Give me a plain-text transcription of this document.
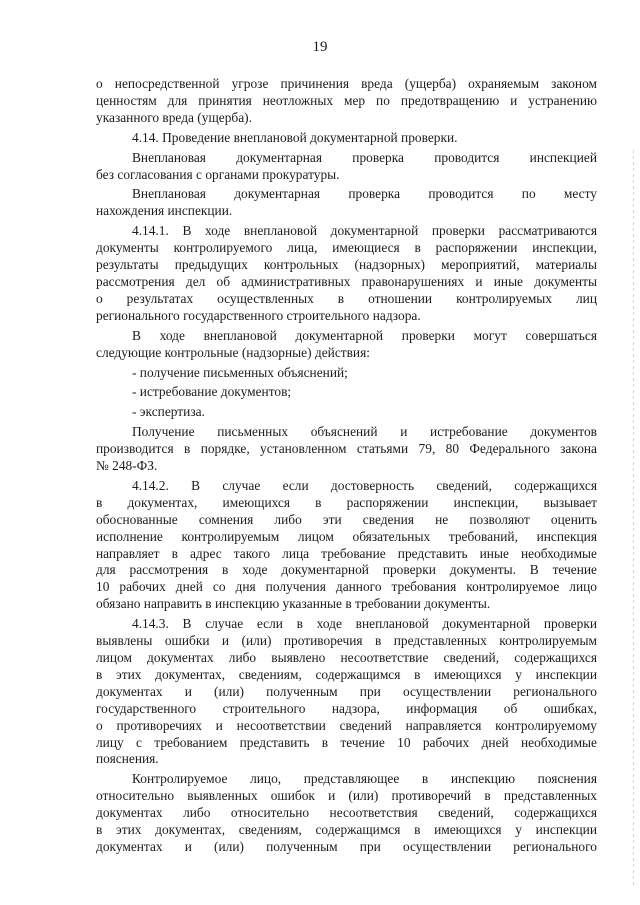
19
о непосредственной угрозе причинения вреда (ущерба) охраняемым законом
ценностям для принятия неотложных мер по предотвращению и устранению
указанного вреда (ущерба).
4.14. Проведение внеплановой документарной проверки.
Внеплановая документарная проверка проводится инспекцией
без согласования с органами прокуратуры.
Внеплановая документарная проверка проводится по месту
нахождения инспекции.
4.14.1. В ходе внеплановой документарной проверки рассматриваются
документы контролируемого лица, имеющиеся в распоряжении инспекции,
результаты предыдущих контрольных (надзорных) мероприятий, материалы
рассмотрения дел об административных правонарушениях и иные документы
о результатах осуществленных в отношении контролируемых лиц
регионального государственного строительного надзора.
В ходе внеплановой документарной проверки могут совершаться
следующие контрольные (надзорные) действия:
- получение письменных объяснений;
- истребование документов;
- экспертиза.
Получение письменных объяснений и истребование документов
производится в порядке, установленном статьями 79, 80 Федерального закона
№ 248-ФЗ.
4.14.2. В случае если достоверность сведений, содержащихся
в документах, имеющихся в распоряжении инспекции, вызывает
обоснованные сомнения либо эти сведения не позволяют оценить
исполнение контролируемым лицом обязательных требований, инспекция
направляет в адрес такого лица требование представить иные необходимые
для рассмотрения в ходе документарной проверки документы. В течение
10 рабочих дней со дня получения данного требования контролируемое лицо
обязано направить в инспекцию указанные в требовании документы.
4.14.3. В случае если в ходе внеплановой документарной проверки
выявлены ошибки и (или) противоречия в представленных контролируемым
лицом документах либо выявлено несоответствие сведений, содержащихся
в этих документах, сведениям, содержащимся в имеющихся у инспекции
документах и (или) полученным при осуществлении регионального
государственного строительного надзора, информация об ошибках,
о противоречиях и несоответствии сведений направляется контролируемому
лицу с требованием представить в течение 10 рабочих дней необходимые
пояснения.
Контролируемое лицо, представляющее в инспекцию пояснения
относительно выявленных ошибок и (или) противоречий в представленных
документах либо относительно несоответствия сведений, содержащихся
в этих документах, сведениям, содержащимся в имеющихся у инспекции
документах и (или) полученным при осуществлении регионального
